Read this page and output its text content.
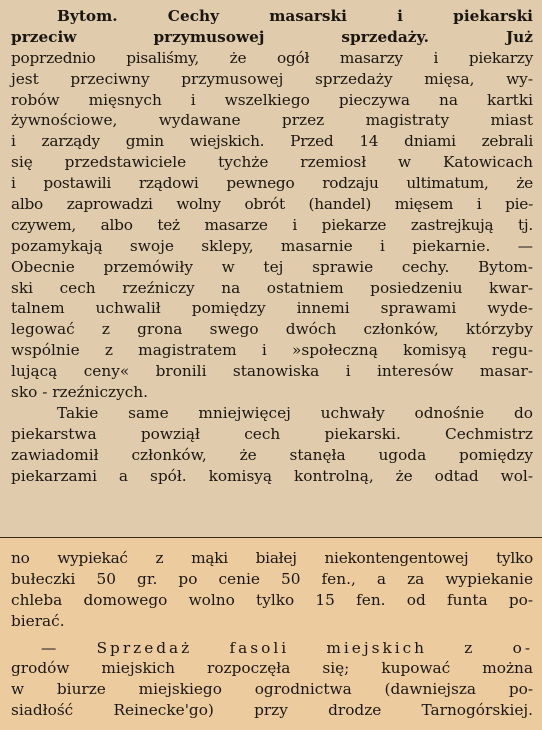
Bytom. Cechy masarski i piekarski
przeciw przymusowej sprzedaży. Już
poprzednio pisaliśmy, że ogół masarzy i piekarzy
jest przeciwny przymusowej sprzedaży mięsa, wy-
robów mięsnych i wszelkiego pieczywa na kartki
żywnościowe, wydawane przez magistraty miast
i zarządy gmin wiejskich. Przed 14 dniami zebrali
się przedstawiciele tychże rzemiosł w Katowicach
i postawili rządowi pewnego rodzaju ultimatum, że
albo zaprowadzi wolny obrót (handel) mięsem i pie-
czywem, albo też masarze i piekarze zastrejkują tj.
pozamykają swoje sklepy, masarnie i piekarnie. —
Obecnie przemówiły w tej sprawie cechy. Bytom-
ski cech rzeźniczy na ostatniem posiedzeniu kwar-
talnem uchwalił pomiędzy innemi sprawami wyde-
legować z grona swego dwóch członków, którzyby
wspólnie z magistratem i »społeczną komisyą regu-
lującą ceny« bronili stanowiska i interesów masar-
sko - rzeźniczych.
Takie same mniejwięcej uchwały odnośnie do
piekarstwa powziął cech piekarski. Cechmistrz
zawiadomił członków, że stanęła ugoda pomiędzy
piekarzami a spół. komisyą kontrolną, że odtad wol-
no wypiekać z mąki białej niekontengentowej tylko
bułeczki 50 gr. po cenie 50 fen., a za wypiekanie
chleba domowego wolno tylko 15 fen. od funta po-
bierać.
— Sprzedaż fasoli miejskich z o-
grodów miejskich rozpoczęła się; kupować można
w biurze miejskiego ogrodnictwa (dawniejsza po-
siadłość Reinecke'go) przy drodze Tarnogórskiej.
